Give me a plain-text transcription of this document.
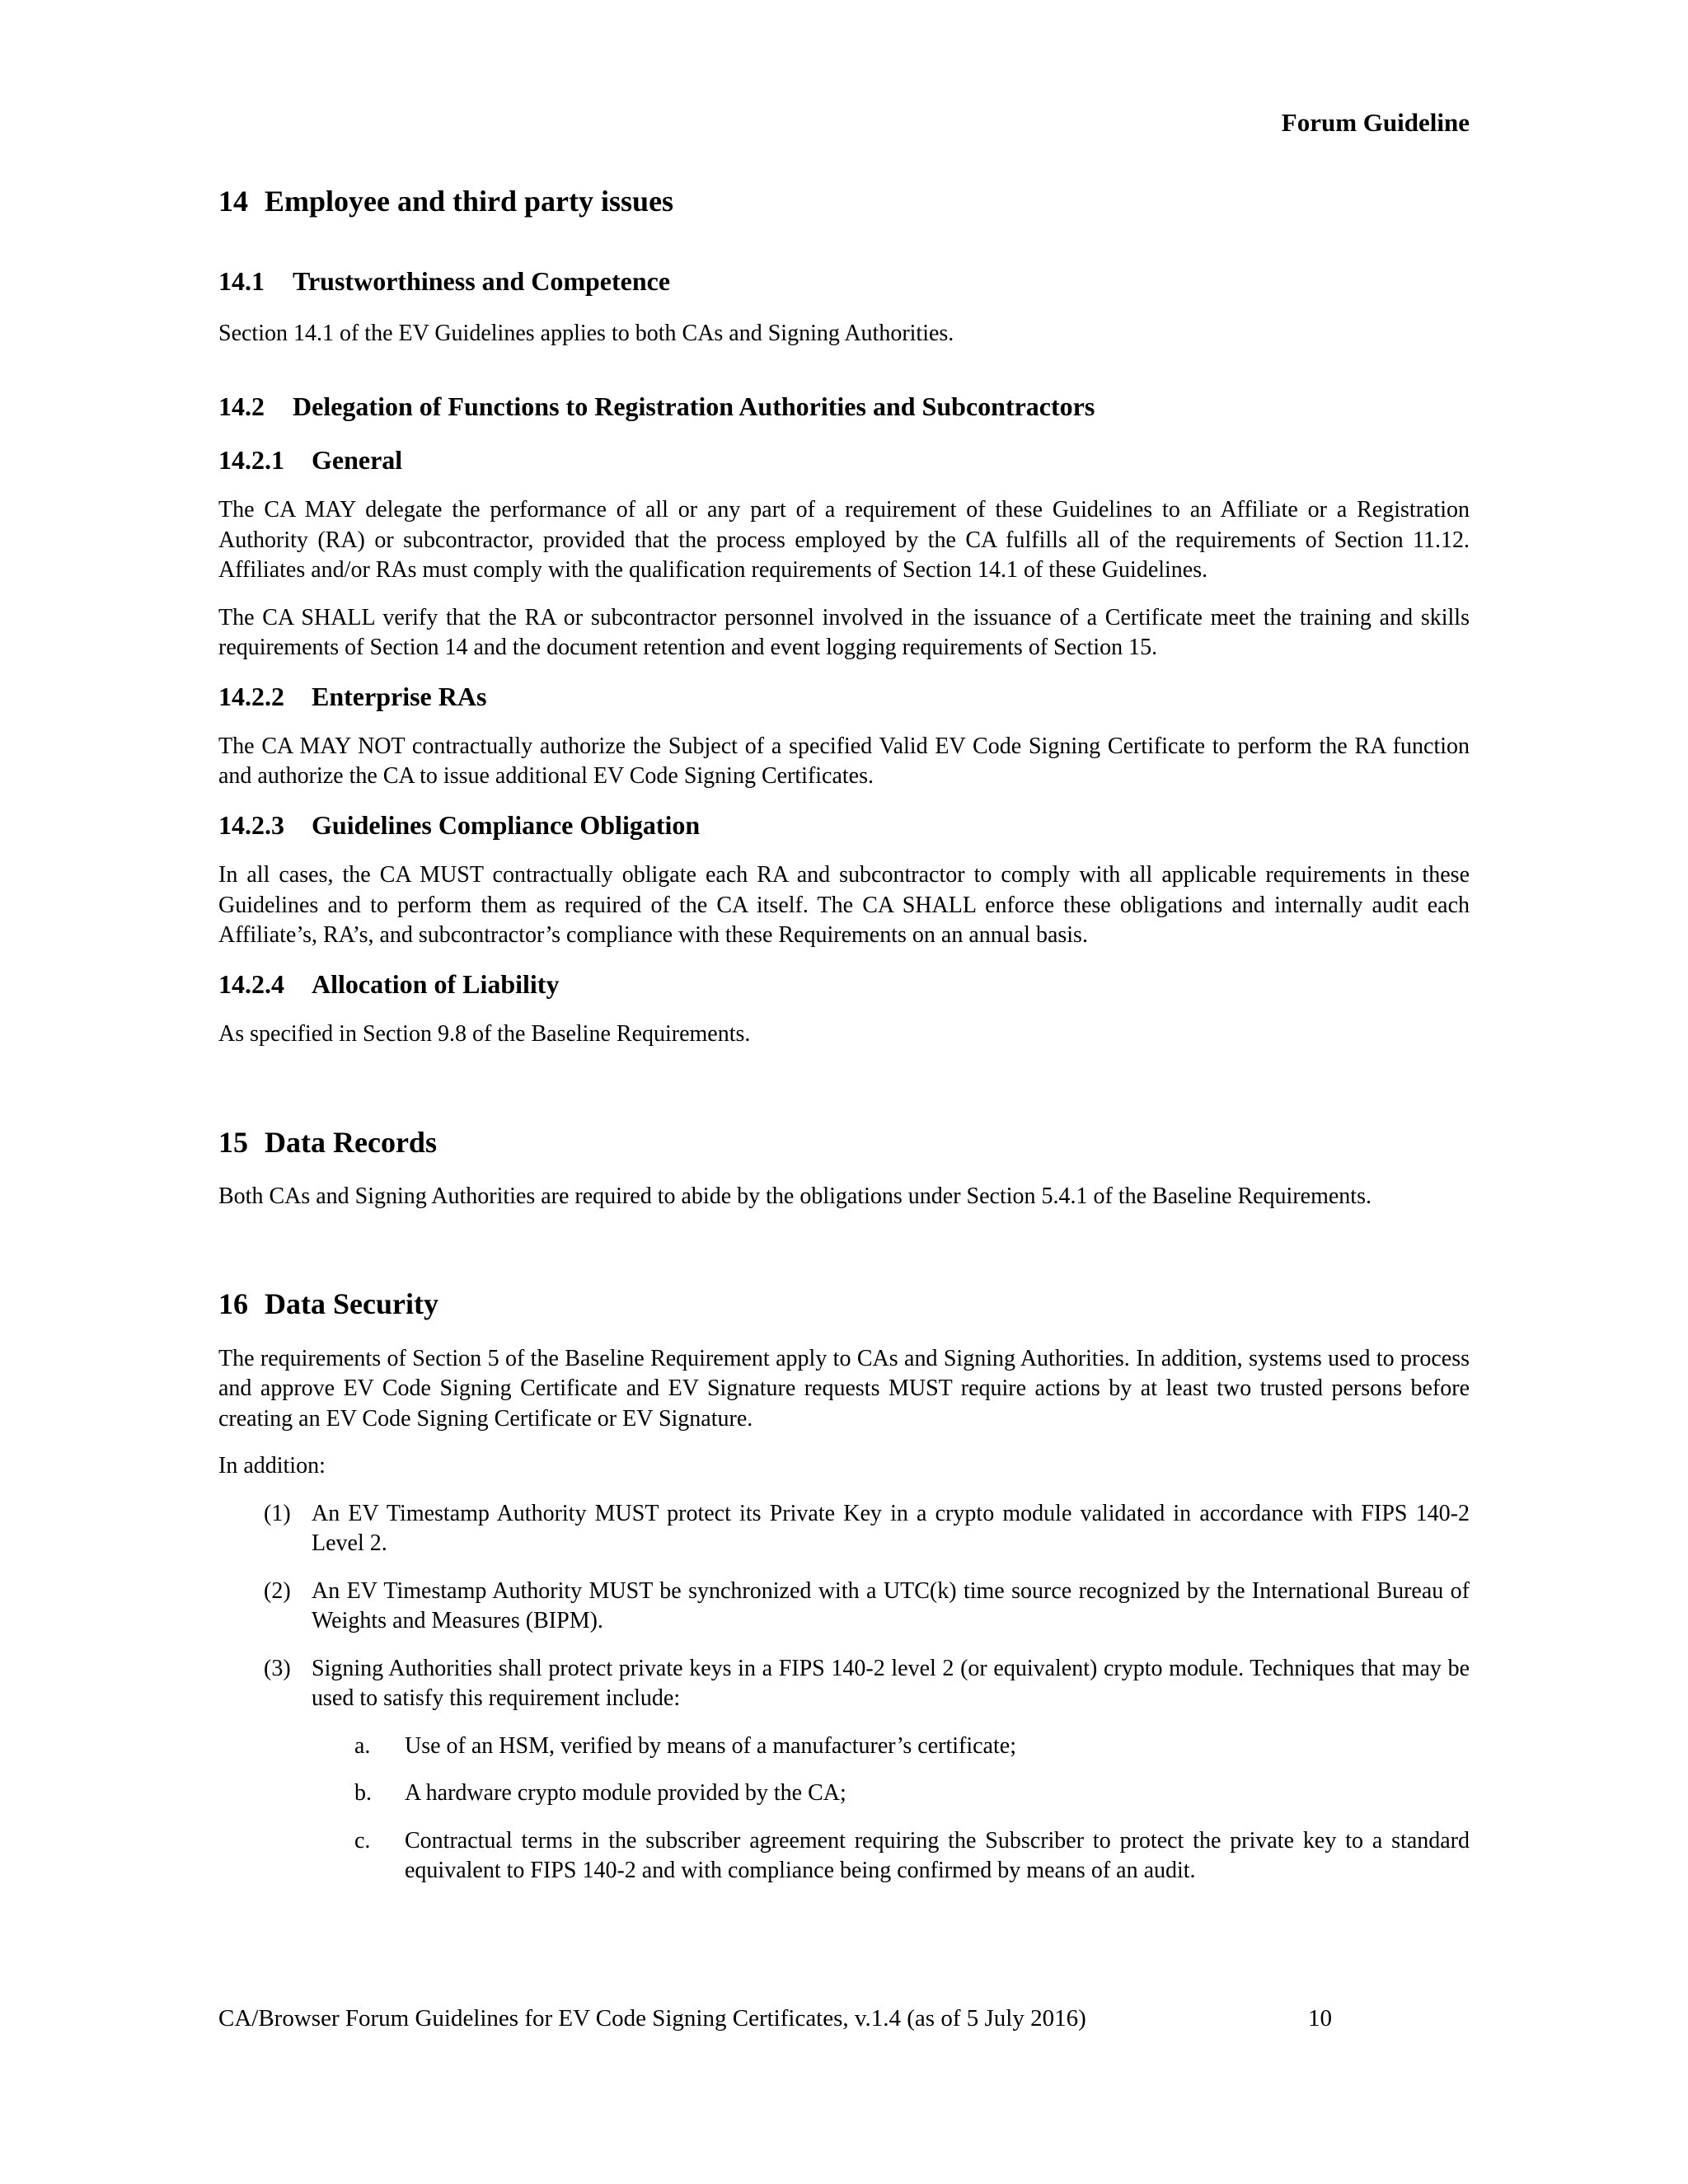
Forum Guideline
14 Employee and third party issues
14.1 Trustworthiness and Competence

Section 14.1 of the EV Guidelines applies to both CAs and Signing Authorities.

14.2 Delegation of Functions to Registration Authorities and Subcontractors
14.2.1 General

The CA MAY delegate the performance of all or any part of a requirement of these Guidelines to an Affiliate or a Registration Authority (RA) or subcontractor, provided that the process employed by the CA fulfills all of the requirements of Section 11.12. Affiliates and/or RAs must comply with the qualification requirements of Section 14.1 of these Guidelines.

The CA SHALL verify that the RA or subcontractor personnel involved in the issuance of a Certificate meet the training and skills requirements of Section 14 and the document retention and event logging requirements of Section 15.

14.2.2 Enterprise RAs

The CA MAY NOT contractually authorize the Subject of a specified Valid EV Code Signing Certificate to perform the RA function and authorize the CA to issue additional EV Code Signing Certificates.

14.2.3 Guidelines Compliance Obligation

In all cases, the CA MUST contractually obligate each RA and subcontractor to comply with all applicable requirements in these Guidelines and to perform them as required of the CA itself. The CA SHALL enforce these obligations and internally audit each Affiliate’s, RA’s, and subcontractor’s compliance with these Requirements on an annual basis.

14.2.4 Allocation of Liability

As specified in Section 9.8 of the Baseline Requirements.

15 Data Records

Both CAs and Signing Authorities are required to abide by the obligations under Section 5.4.1 of the Baseline Requirements.

16 Data Security

The requirements of Section 5 of the Baseline Requirement apply to CAs and Signing Authorities. In addition, systems used to process and approve EV Code Signing Certificate and EV Signature requests MUST require actions by at least two trusted persons before creating an EV Code Signing Certificate or EV Signature.

In addition:

(1) An EV Timestamp Authority MUST protect its Private Key in a crypto module validated in accordance with FIPS 140-2 Level 2.
(2) An EV Timestamp Authority MUST be synchronized with a UTC(k) time source recognized by the International Bureau of Weights and Measures (BIPM).
(3) Signing Authorities shall protect private keys in a FIPS 140-2 level 2 (or equivalent) crypto module. Techniques that may be used to satisfy this requirement include:
a. Use of an HSM, verified by means of a manufacturer’s certificate;
b. A hardware crypto module provided by the CA;
c. Contractual terms in the subscriber agreement requiring the Subscriber to protect the private key to a standard equivalent to FIPS 140-2 and with compliance being confirmed by means of an audit.
CA/Browser Forum Guidelines for EV Code Signing Certificates, v.1.4 (as of 5 July 2016)	10
